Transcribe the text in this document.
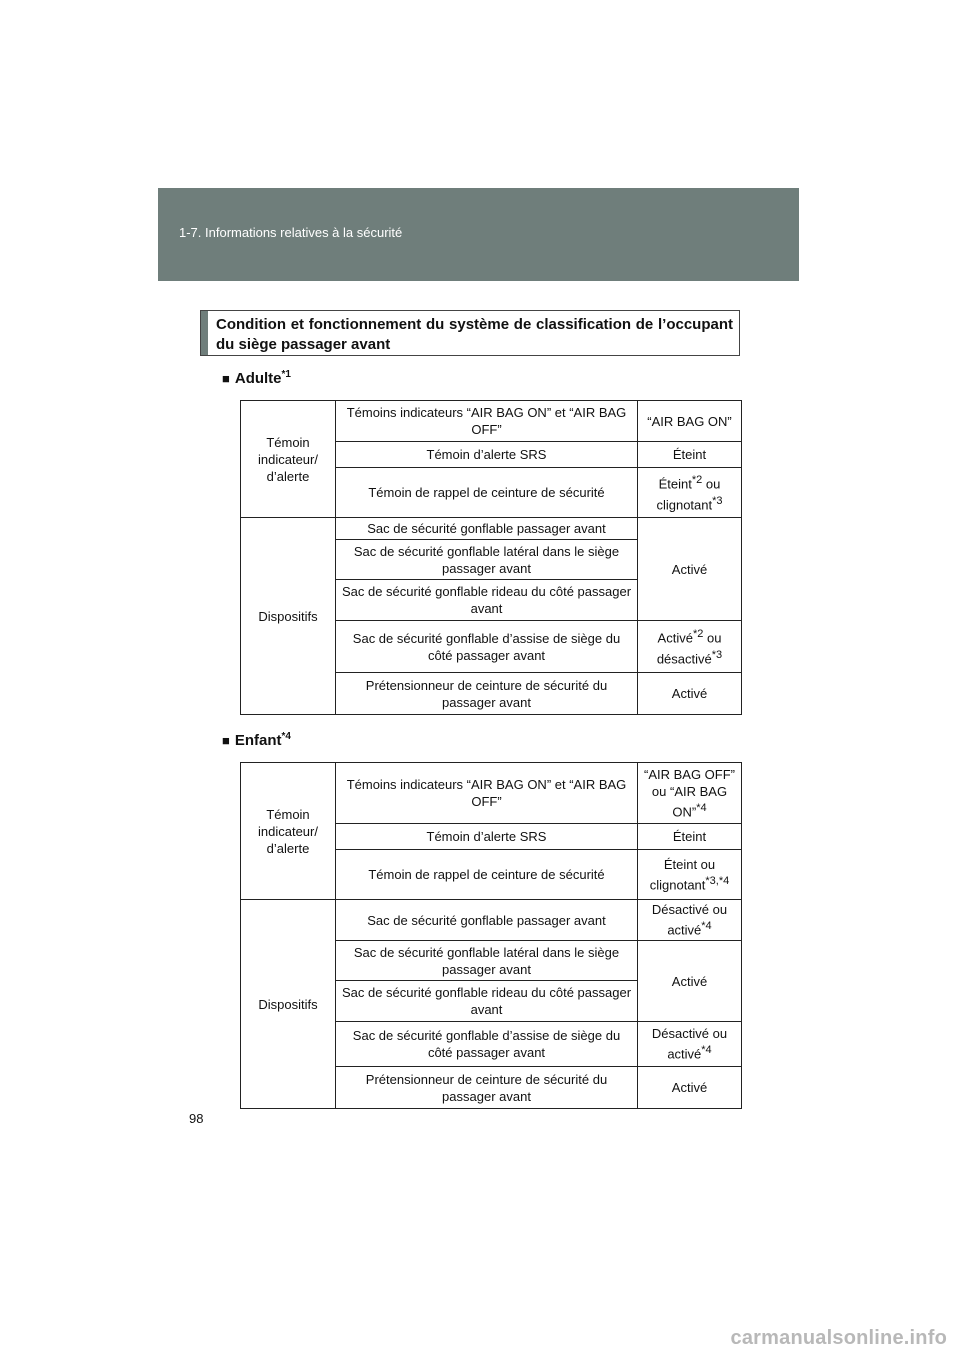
1-7. Informations relatives à la sécurité
Condition et fonctionnement du système de classification de l’occupant du siège passager avant
■ Adulte$^{*1}$
Témoin indicateur/ d’alerte	Témoins indicateurs “AIR BAG ON” et “AIR BAG OFF”	“AIR BAG ON”
	Témoin d’alerte SRS	Éteint
	Témoin de rappel de ceinture de sécurité	Éteint$^{*2}$ ou clignotant$^{*3}$
Dispositifs	Sac de sécurité gonflable passager avant	Activé
	Sac de sécurité gonflable latéral dans le siège passager avant	
	Sac de sécurité gonflable rideau du côté passager avant	
	Sac de sécurité gonflable d’assise de siège du côté passager avant	Activé$^{*2}$ ou désactivé$^{*3}$
	Prétensionneur de ceinture de sécurité du passager avant	Activé
■ Enfant$^{*4}$
Témoin indicateur/ d’alerte	Témoins indicateurs “AIR BAG ON” et “AIR BAG OFF”	“AIR BAG OFF” ou “AIR BAG ON”$^{*4}$
	Témoin d’alerte SRS	Éteint
	Témoin de rappel de ceinture de sécurité	Éteint ou clignotant$^{*3,*4}$
Dispositifs	Sac de sécurité gonflable passager avant	Désactivé ou activé$^{*4}$
	Sac de sécurité gonflable latéral dans le siège passager avant	Activé
	Sac de sécurité gonflable rideau du côté passager avant	
	Sac de sécurité gonflable d’assise de siège du côté passager avant	Désactivé ou activé$^{*4}$
	Prétensionneur de ceinture de sécurité du passager avant	Activé
98
carmanualsonline.info
